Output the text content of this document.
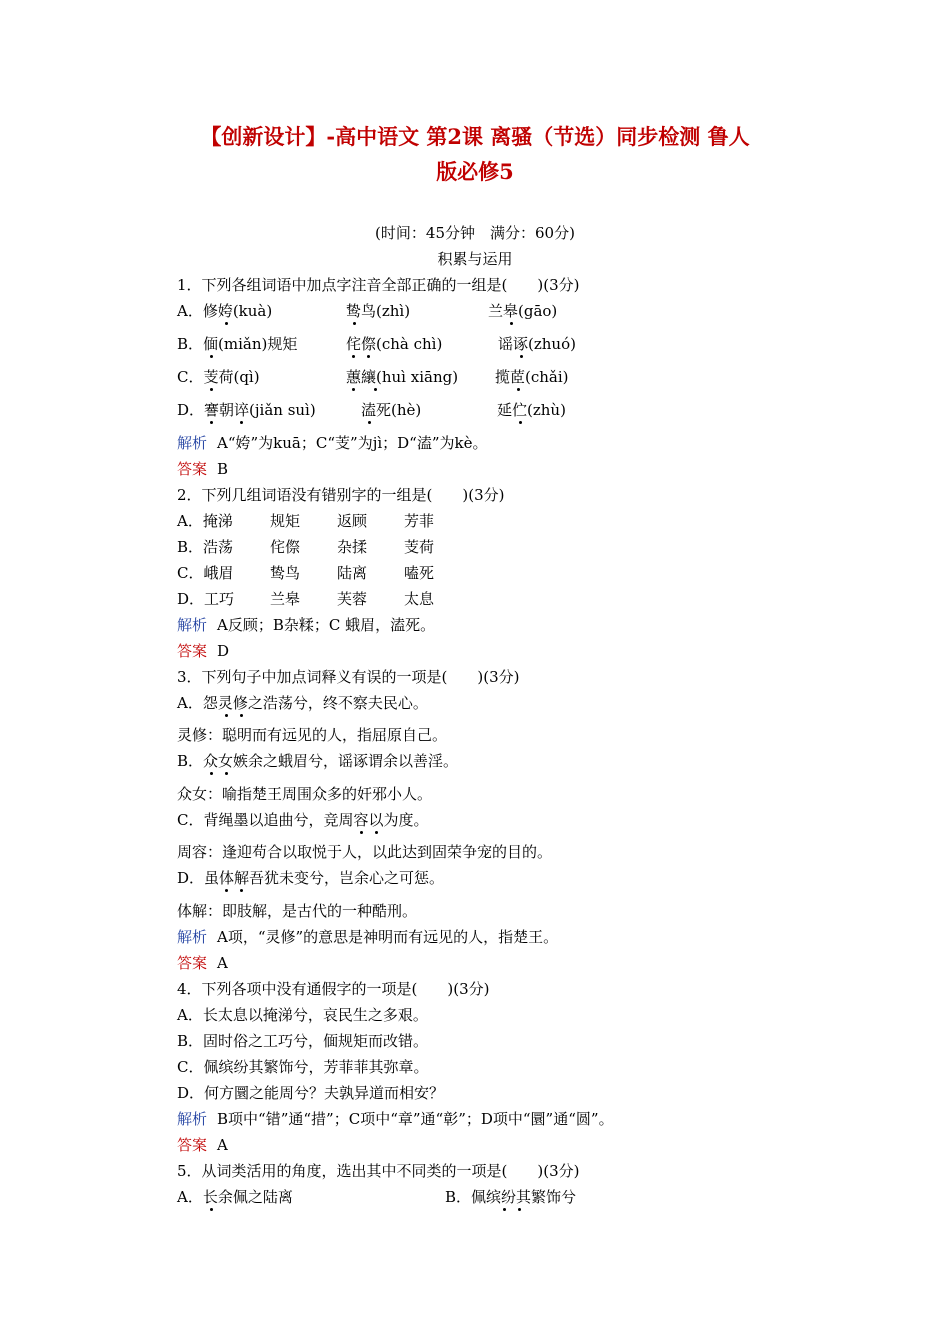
【创新设计】-高中语文 第2课 离骚（节选）同步检测 鲁人
版必修5
(时间：45分钟　满分：60分)
积累与运用
1．下列各组词语中加点字注音全部正确的一组是(　　)(3分)
A．修姱(kuà)	鸷鸟(zhì)	兰皋(gāo)
B．偭(miǎn)规矩	侘傺(chà chì)	谣诼(zhuó)
C．芰荷(qì)	蕙纕(huì xiāng) 揽茝(chǎi)
D．謇朝谇(jiǎn suì)	溘死(hè)	延伫(zhù)
解析 A“姱”为kuā；C“芰”为jì；D“溘”为kè。
答案 B
2．下列几组词语没有错别字的一组是(　　)(3分)
A．掩涕 规矩 返顾 芳菲
B．浩荡 侘傺 杂揉 芰荷
C．峨眉 鸷鸟 陆离 嗑死
D．工巧 兰皋 芙蓉 太息
解析 A反顾；B杂糅；C 蛾眉，溘死。
答案 D
3．下列句子中加点词释义有误的一项是(　　)(3分)
A．怨灵修之浩荡兮，终不察夫民心。
灵修：聪明而有远见的人，指屈原自己。
B．众女嫉余之蛾眉兮，谣诼谓余以善淫。
众女：喻指楚王周围众多的奸邪小人。
C．背绳墨以追曲兮，竞周容以为度。
周容：逢迎苟合以取悦于人，以此达到固荣争宠的目的。
D．虽体解吾犹未变兮，岂余心之可惩。
体解：即肢解，是古代的一种酷刑。
解析 A项，“灵修”的意思是神明而有远见的人，指楚王。
答案 A
4．下列各项中没有通假字的一项是(　　)(3分)
A．长太息以掩涕兮，哀民生之多艰。
B．固时俗之工巧兮，偭规矩而改错。
C．佩缤纷其繁饰兮，芳菲菲其弥章。
D．何方圜之能周兮？夫孰异道而相安？
解析 B项中“错”通“措”；C项中“章”通“彰”；D项中“圜”通“圆”。
答案 A
5．从词类活用的角度，选出其中不同类的一项是(　　)(3分)
A．长余佩之陆离	B．佩缤纷其繁饰兮
